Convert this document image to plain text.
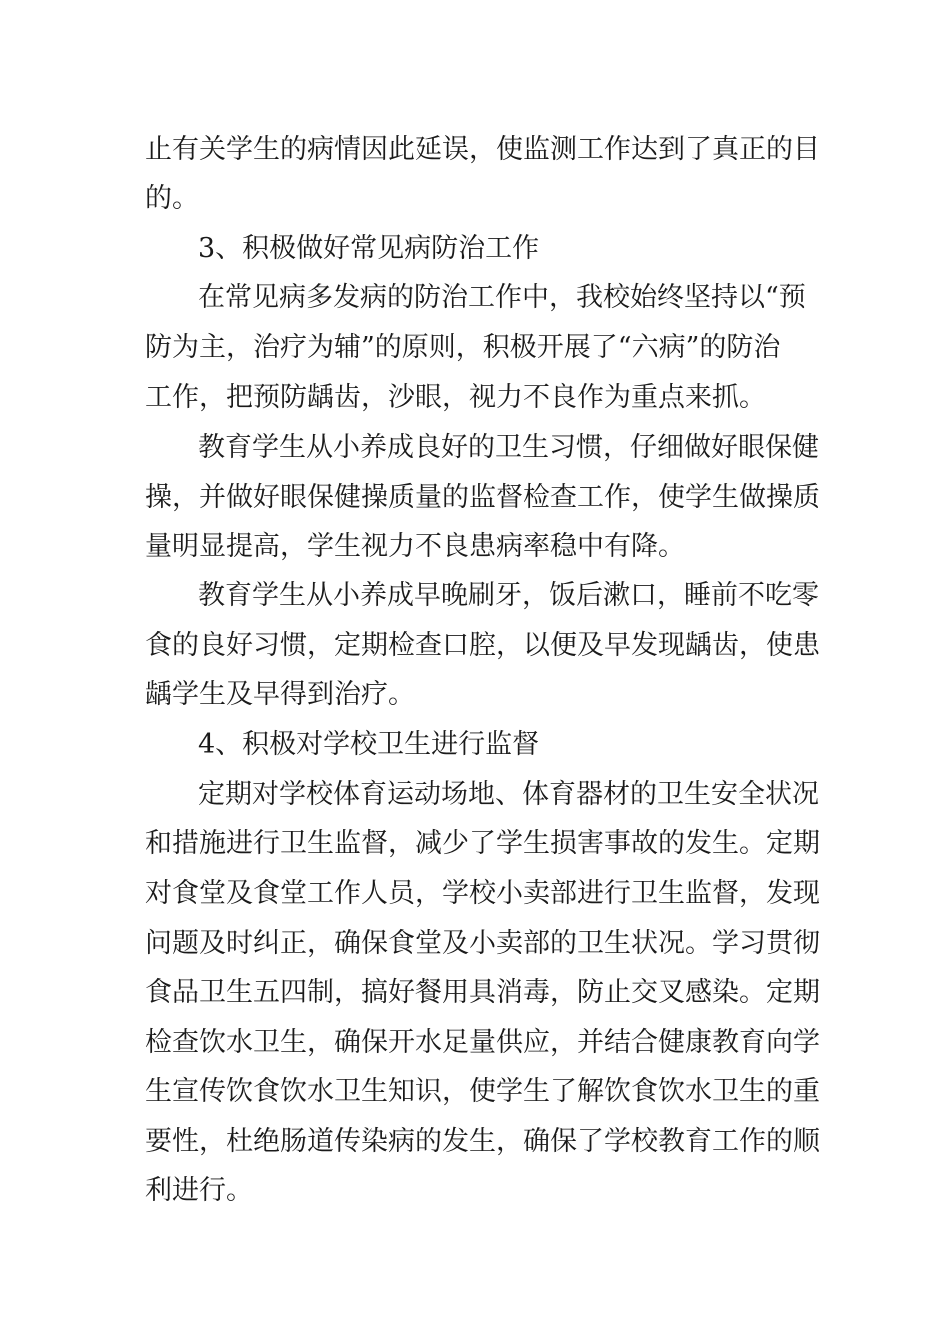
止有关学生的病情因此延误，使监测工作达到了真正的目
的。
3、积极做好常见病防治工作
在常见病多发病的防治工作中，我校始终坚持以“预
防为主，治疗为辅”的原则，积极开展了“六病”的防治
工作，把预防龋齿，沙眼，视力不良作为重点来抓。
教育学生从小养成良好的卫生习惯，仔细做好眼保健
操，并做好眼保健操质量的监督检查工作，使学生做操质
量明显提高，学生视力不良患病率稳中有降。
教育学生从小养成早晚刷牙，饭后漱口，睡前不吃零
食的良好习惯，定期检查口腔，以便及早发现龋齿，使患
龋学生及早得到治疗。
4、积极对学校卫生进行监督
定期对学校体育运动场地、体育器材的卫生安全状况
和措施进行卫生监督，减少了学生损害事故的发生。定期
对食堂及食堂工作人员，学校小卖部进行卫生监督，发现
问题及时纠正，确保食堂及小卖部的卫生状况。学习贯彻
食品卫生五四制，搞好餐用具消毒，防止交叉感染。定期
检查饮水卫生，确保开水足量供应，并结合健康教育向学
生宣传饮食饮水卫生知识，使学生了解饮食饮水卫生的重
要性，杜绝肠道传染病的发生，确保了学校教育工作的顺
利进行。
